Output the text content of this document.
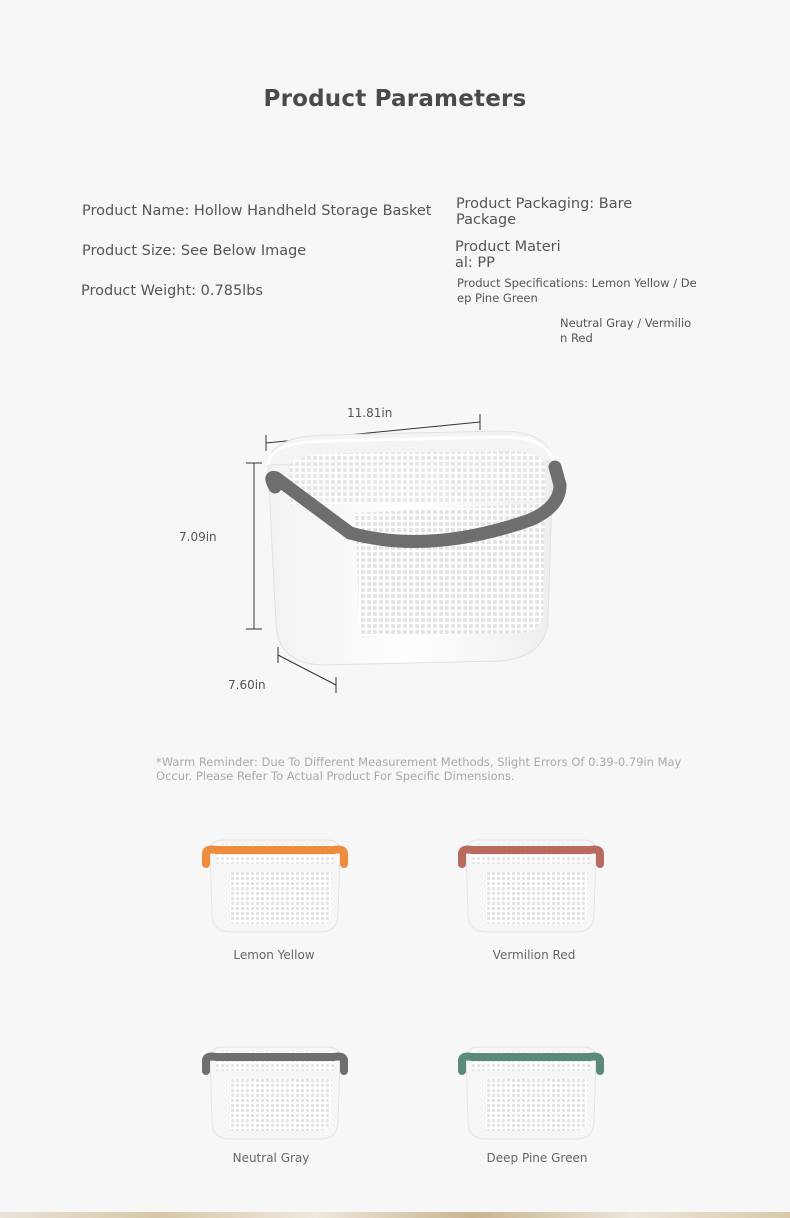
Product Parameters
Product Name: Hollow Handheld Storage Basket
Product Size: See Below Image
Product Weight: 0.785lbs
Product Packaging: Bare
Package
Product Materi
al: PP
Product Specifications: Lemon Yellow / De
ep Pine Green
Neutral Gray / Vermilio
n Red
11.81in
7.09in
7.60in
*Warm Reminder: Due To Different Measurement Methods, Slight Errors Of 0.39-0.79in May
Occur. Please Refer To Actual Product For Specific Dimensions.
Lemon Yellow	Vermilion Red
Neutral Gray	Deep Pine Green
